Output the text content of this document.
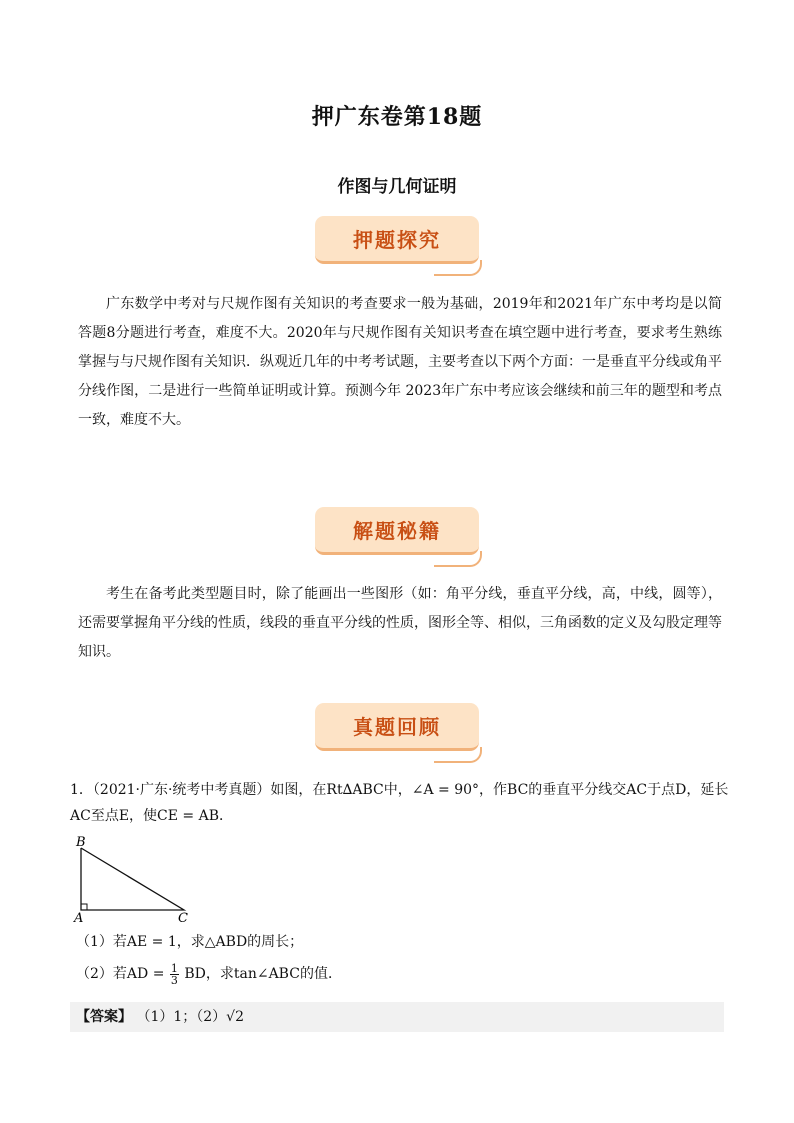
押广东卷第18题
作图与几何证明
押题探究
广东数学中考对与尺规作图有关知识的考查要求一般为基础，2019年和2021年广东中考均是以简答题8分题进行考查，难度不大。2020年与尺规作图有关知识考查在填空题中进行考查，要求考生熟练掌握与与尺规作图有关知识．纵观近几年的中考考试题，主要考查以下两个方面：一是垂直平分线或角平分线作图，二是进行一些简单证明或计算。预测今年 2023年广东中考应该会继续和前三年的题型和考点一致，难度不大。
解题秘籍
考生在备考此类型题目时，除了能画出一些图形（如：角平分线，垂直平分线，高，中线，圆等），还需要掌握角平分线的性质，线段的垂直平分线的性质，图形全等、相似，三角函数的定义及勾股定理等知识。
真题回顾
1．（2021·广东·统考中考真题）如图，在Rt∆ABC中，∠A = 90°，作BC的垂直平分线交AC于点D，延长AC至点E，使CE = AB．
B
A	C
（1）若AE = 1，求△ABD的周长；
（2）若AD = $\frac{1}{3}$ BD，求tan∠ABC的值．
【答案】 （1）1；（2）√2
